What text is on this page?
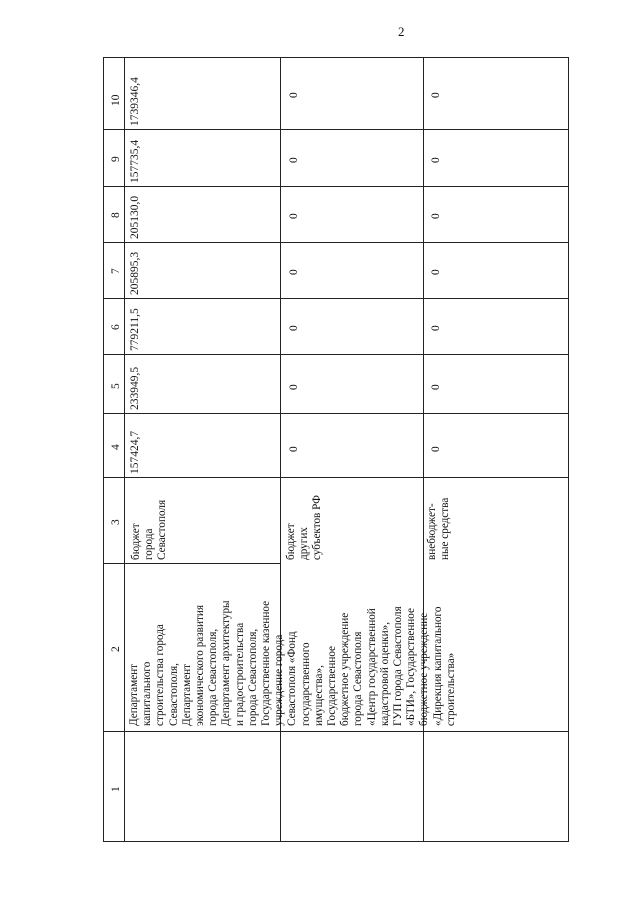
2
1
2
3
4
5
6
7
8
9
10
Департамент капитального строительства города Севастополя, Департамент экономического развития города Севастополя, Департамент архитектуры и градостроительства города Севастополя, Государственное казенное учреждение города Севастополя «Фонд государственного имущества», Государственное бюджетное учреждение города Севастополя «Центр государственной кадастровой оценки», ГУП города Севастополя «БТИ», Государственное бюджетное учреждение «Дирекция капитального строительства»
бюджет города Севастополя
157424,7
233949,5
779211,5
205895,3
205130,0
157735,4
1739346,4
бюджет других субъектов РФ
0
0
0
0
0
0
0
внебюджет- ные средства
0
0
0
0
0
0
0
